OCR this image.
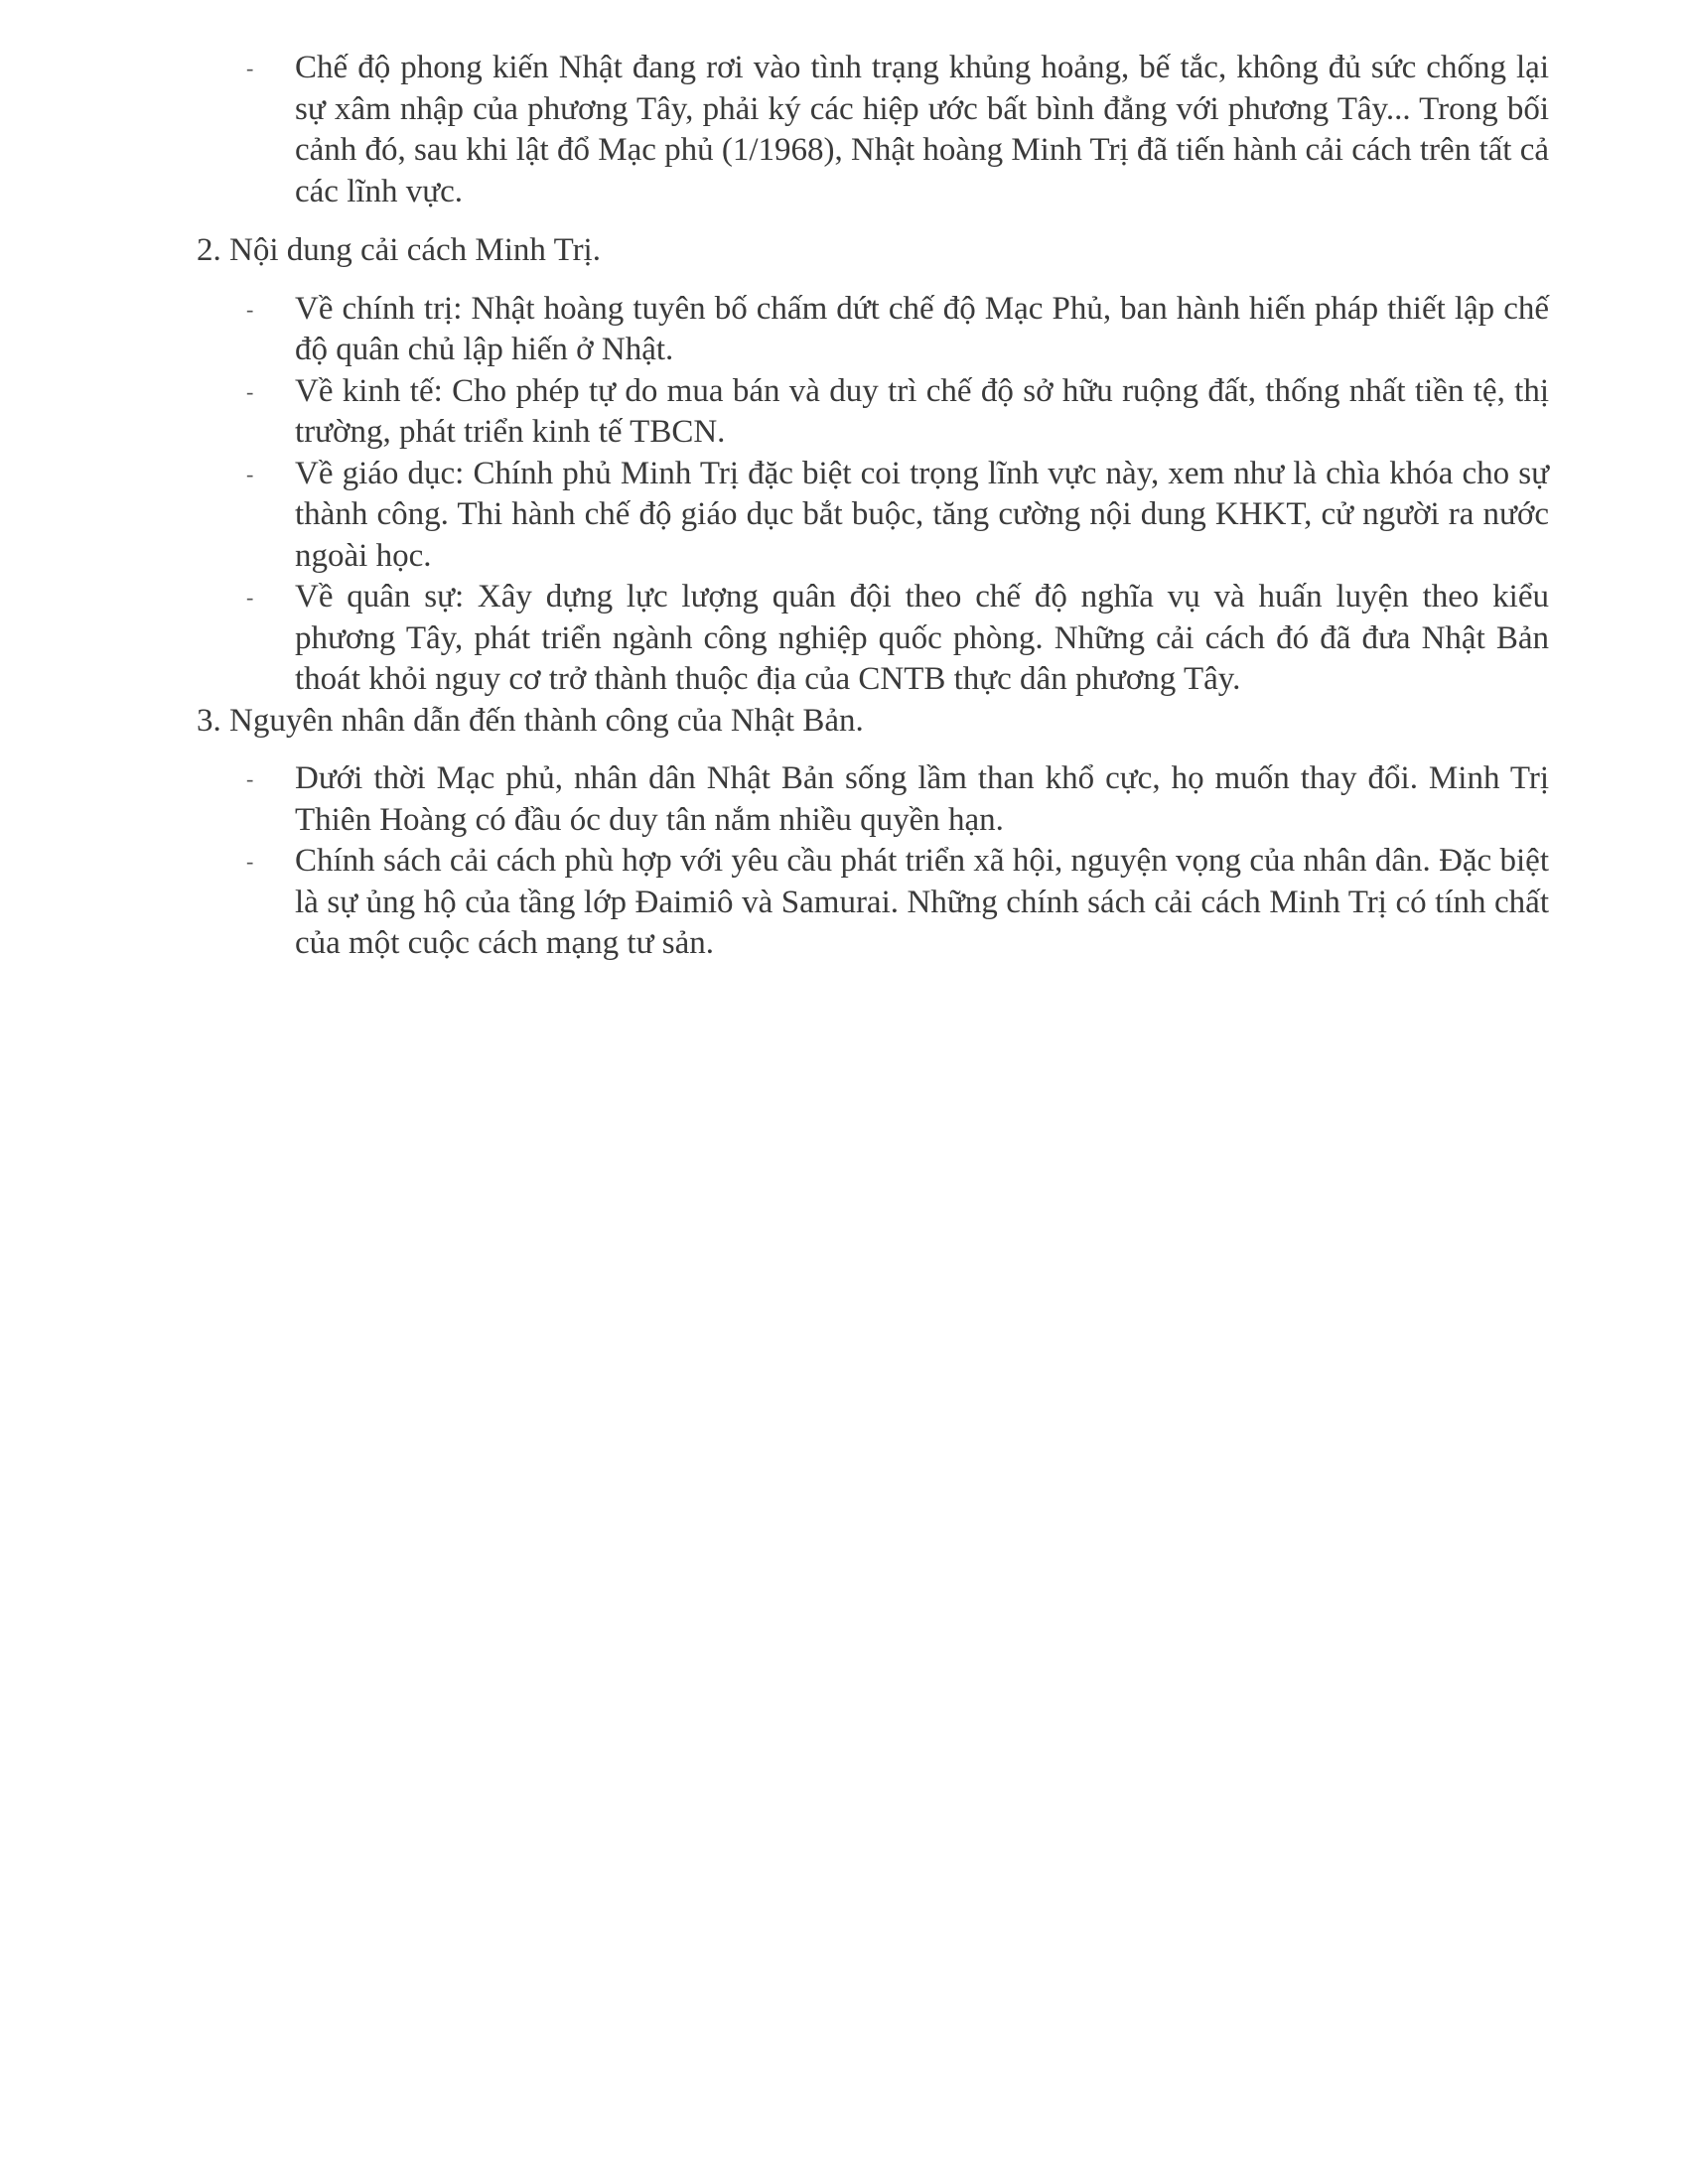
- Chế độ phong kiến Nhật đang rơi vào tình trạng khủng hoảng, bế tắc, không đủ sức chống lại sự xâm nhập của phương Tây, phải ký các hiệp ước bất bình đẳng với phương Tây... Trong bối cảnh đó, sau khi lật đổ Mạc phủ (1/1968), Nhật hoàng Minh Trị đã tiến hành cải cách trên tất cả các lĩnh vực.

2. Nội dung cải cách Minh Trị.

- Về chính trị: Nhật hoàng tuyên bố chấm dứt chế độ Mạc Phủ, ban hành hiến pháp thiết lập chế độ quân chủ lập hiến ở Nhật.
- Về kinh tế: Cho phép tự do mua bán và duy trì chế độ sở hữu ruộng đất, thống nhất tiền tệ, thị trường, phát triển kinh tế TBCN.
- Về giáo dục: Chính phủ Minh Trị đặc biệt coi trọng lĩnh vực này, xem như là chìa khóa cho sự thành công. Thi hành chế độ giáo dục bắt buộc, tăng cường nội dung KHKT, cử người ra nước ngoài học.
- Về quân sự: Xây dựng lực lượng quân đội theo chế độ nghĩa vụ và huấn luyện theo kiểu phương Tây, phát triển ngành công nghiệp quốc phòng. Những cải cách đó đã đưa Nhật Bản thoát khỏi nguy cơ trở thành thuộc địa của CNTB thực dân phương Tây.

3. Nguyên nhân dẫn đến thành công của Nhật Bản.

- Dưới thời Mạc phủ, nhân dân Nhật Bản sống lầm than khổ cực, họ muốn thay đổi. Minh Trị Thiên Hoàng có đầu óc duy tân nắm nhiều quyền hạn.
- Chính sách cải cách phù hợp với yêu cầu phát triển xã hội, nguyện vọng của nhân dân. Đặc biệt là sự ủng hộ của tầng lớp Đaimiô và Samurai. Những chính sách cải cách Minh Trị có tính chất của một cuộc cách mạng tư sản.
